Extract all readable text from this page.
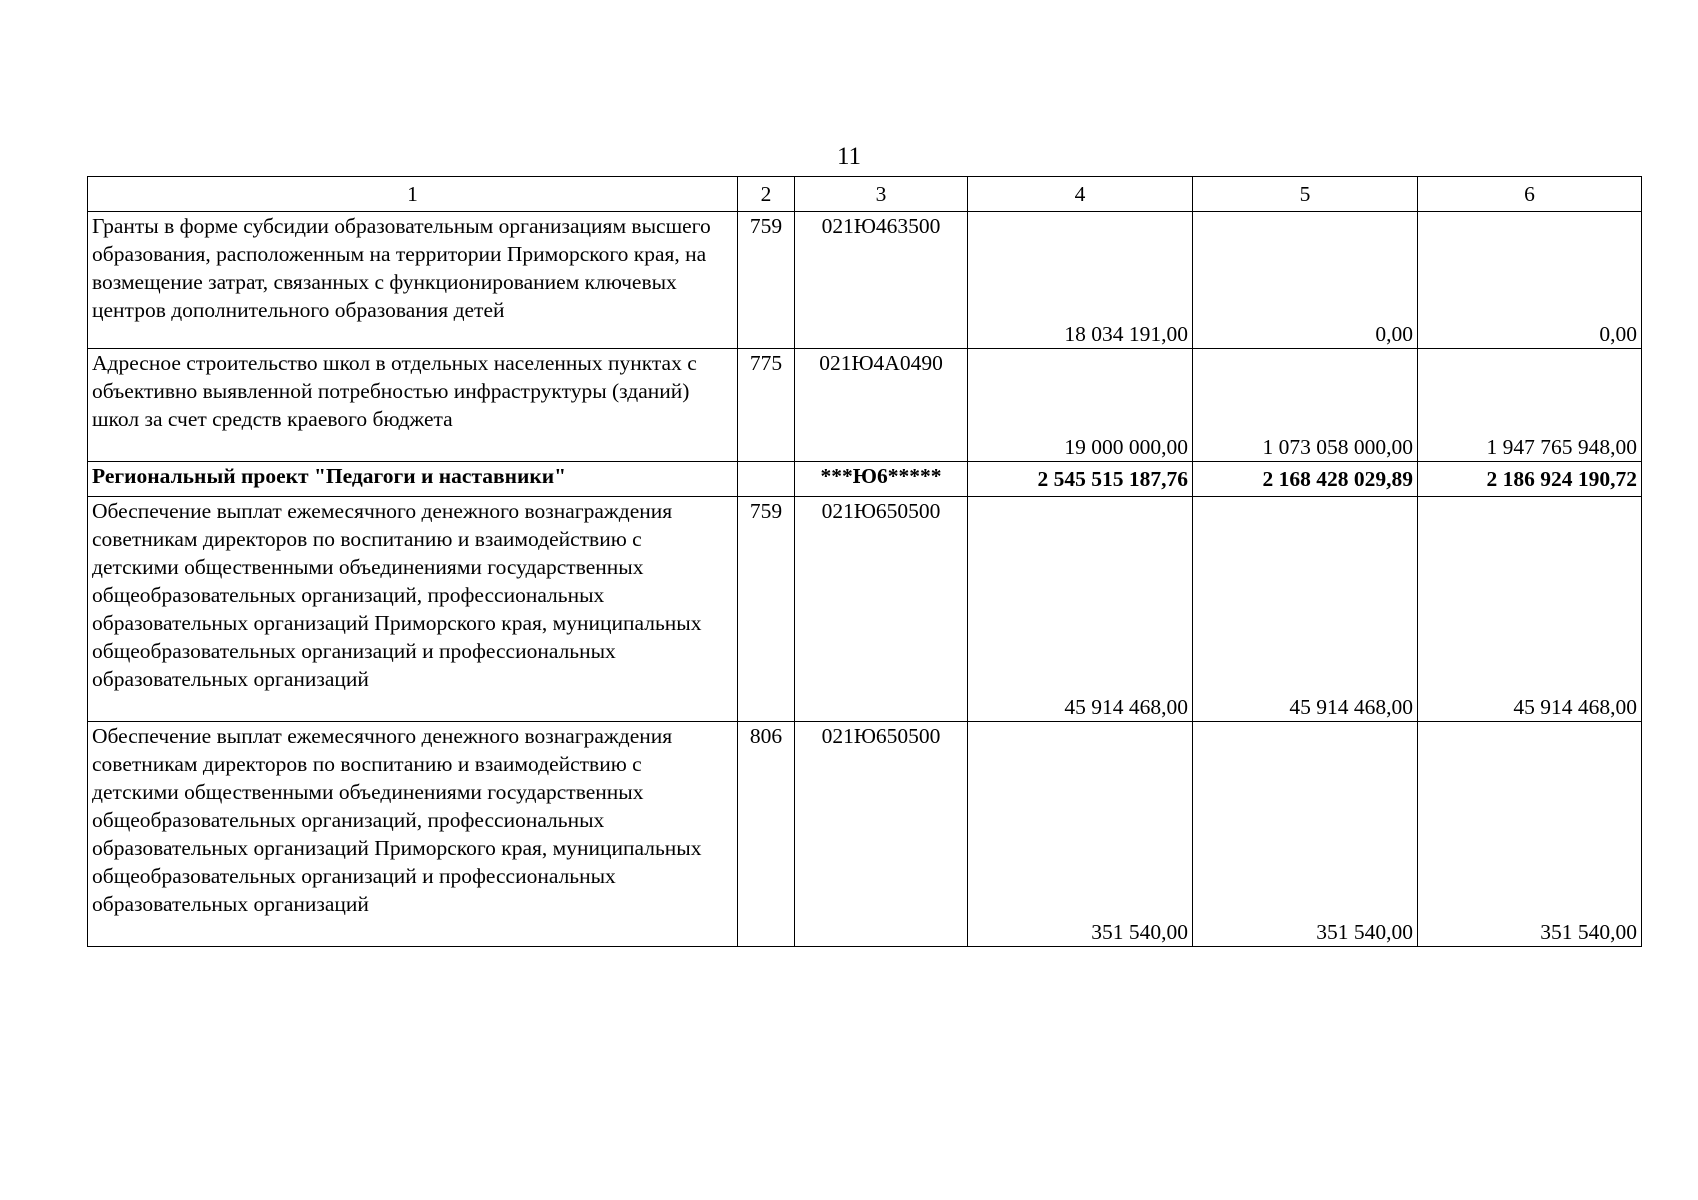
11
1	2	3	4	5	6
Гранты в форме субсидии образовательным организациям высшего образования, расположенным на территории Приморского края, на возмещение затрат, связанных с функционированием ключевых центров дополнительного образования детей	759	021Ю463500	18 034 191,00	0,00	0,00
Адресное строительство школ в отдельных населенных пунктах с объективно выявленной потребностью инфраструктуры (зданий) школ за счет средств краевого бюджета	775	021Ю4А0490	19 000 000,00	1 073 058 000,00	1 947 765 948,00
Региональный проект "Педагоги и наставники"		***Ю6*****	2 545 515 187,76	2 168 428 029,89	2 186 924 190,72
Обеспечение выплат ежемесячного денежного вознаграждения советникам директоров по воспитанию и взаимодействию с детскими общественными объединениями государственных общеобразовательных организаций, профессиональных образовательных организаций Приморского края, муниципальных общеобразовательных организаций и профессиональных образовательных организаций	759	021Ю650500	45 914 468,00	45 914 468,00	45 914 468,00
Обеспечение выплат ежемесячного денежного вознаграждения советникам директоров по воспитанию и взаимодействию с детскими общественными объединениями государственных общеобразовательных организаций, профессиональных образовательных организаций Приморского края, муниципальных общеобразовательных организаций и профессиональных образовательных организаций	806	021Ю650500	351 540,00	351 540,00	351 540,00
